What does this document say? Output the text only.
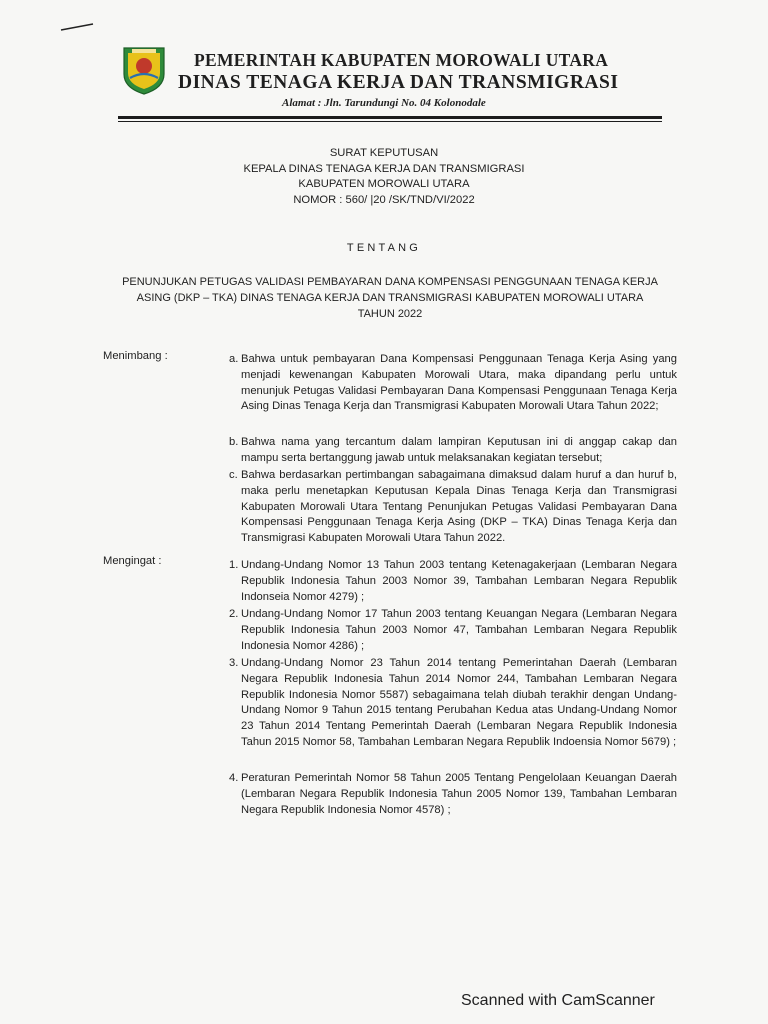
PEMERINTAH KABUPATEN MOROWALI UTARA
DINAS TENAGA KERJA DAN TRANSMIGRASI
Alamat : Jln. Tarundungi No. 04 Kolonodale
SURAT KEPUTUSAN
KEPALA DINAS TENAGA KERJA DAN TRANSMIGRASI
KABUPATEN MOROWALI UTARA
NOMOR : 560/ |20 /SK/TND/VI/2022
TENTANG
PENUNJUKAN PETUGAS VALIDASI PEMBAYARAN DANA KOMPENSASI PENGGUNAAN TENAGA KERJA ASING (DKP – TKA) DINAS TENAGA KERJA DAN TRANSMIGRASI KABUPATEN MOROWALI UTARA TAHUN 2022
Menimbang :	a. Bahwa untuk pembayaran Dana Kompensasi Penggunaan Tenaga Kerja Asing yang menjadi kewenangan Kabupaten Morowali Utara, maka dipandang perlu untuk menunjuk Petugas Validasi Pembayaran Dana Kompensasi Penggunaan Tenaga Kerja Asing Dinas Tenaga Kerja dan Transmigrasi Kabupaten Morowali Utara Tahun 2022;
b. Bahwa nama yang tercantum dalam lampiran Keputusan ini di anggap cakap dan mampu serta bertanggung jawab untuk melaksanakan kegiatan tersebut;
c. Bahwa berdasarkan pertimbangan sabagaimana dimaksud dalam huruf a dan huruf b, maka perlu menetapkan Keputusan Kepala Dinas Tenaga Kerja dan Transmigrasi Kabupaten Morowali Utara Tentang Penunjukan Petugas Validasi Pembayaran Dana Kompensasi Penggunaan Tenaga Kerja Asing (DKP – TKA) Dinas Tenaga Kerja dan Transmigrasi Kabupaten Morowali Utara Tahun 2022.
Mengingat :	1. Undang-Undang Nomor 13 Tahun 2003 tentang Ketenagakerjaan (Lembaran Negara Republik Indonesia Tahun 2003 Nomor 39, Tambahan Lembaran Negara Republik Indonseia Nomor 4279) ;
2. Undang-Undang Nomor 17 Tahun 2003 tentang Keuangan Negara (Lembaran Negara Republik Indonesia Tahun 2003 Nomor 47, Tambahan Lembaran Negara Republik Indonesia Nomor 4286) ;
3. Undang-Undang Nomor 23 Tahun 2014 tentang Pemerintahan Daerah (Lembaran Negara Republik Indonesia Tahun 2014 Nomor 244, Tambahan Lembaran Negara Republik Indonesia Nomor 5587) sebagaimana telah diubah terakhir dengan Undang-Undang Nomor 9 Tahun 2015 tentang Perubahan Kedua atas Undang-Undang Nomor 23 Tahun 2014 Tentang Pemerintah Daerah (Lembaran Negara Republik Indonesia Tahun 2015 Nomor 58, Tambahan Lembaran Negara Republik Indoensia Nomor 5679) ;
4. Peraturan Pemerintah Nomor 58 Tahun 2005 Tentang Pengelolaan Keuangan Daerah (Lembaran Negara Republik Indonesia Tahun 2005 Nomor 139, Tambahan Lembaran Negara Republik Indonesia Nomor 4578) ;
Scanned with CamScanner
